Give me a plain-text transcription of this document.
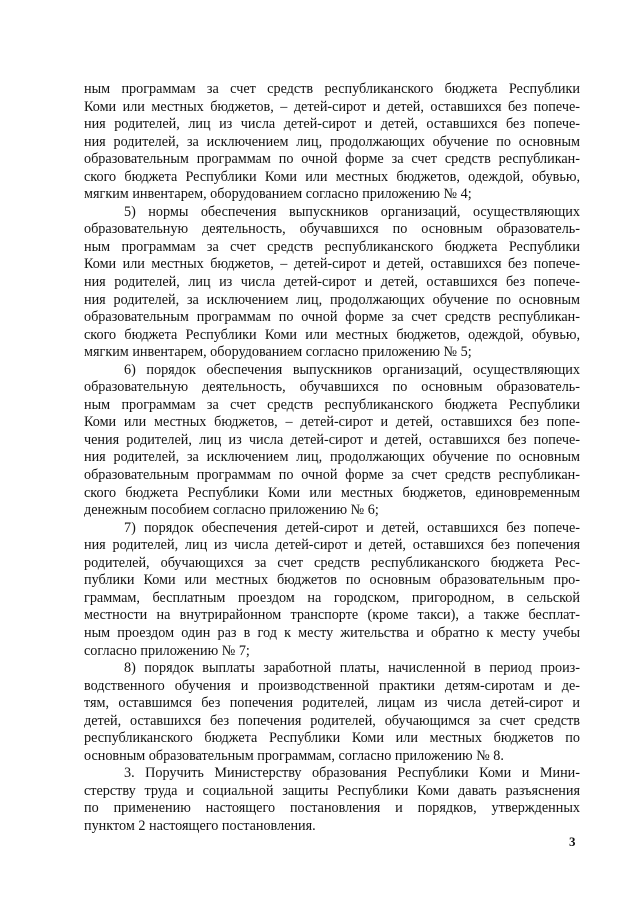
ным программам за счет средств республиканского бюджета Республики
Коми или местных бюджетов, – детей-сирот и детей, оставшихся без попече-
ния родителей, лиц из числа детей-сирот и детей, оставшихся без попече-
ния родителей, за исключением лиц, продолжающих обучение по основным
образовательным программам по очной форме за счет средств республикан-
ского бюджета Республики Коми или местных бюджетов, одеждой, обувью,
мягким инвентарем, оборудованием согласно приложению № 4;
5) нормы обеспечения выпускников организаций, осуществляющих
образовательную деятельность, обучавшихся по основным образователь-
ным программам за счет средств республиканского бюджета Республики
Коми или местных бюджетов, – детей-сирот и детей, оставшихся без попече-
ния родителей, лиц из числа детей-сирот и детей, оставшихся без попече-
ния родителей, за исключением лиц, продолжающих обучение по основным
образовательным программам по очной форме за счет средств республикан-
ского бюджета Республики Коми или местных бюджетов, одеждой, обувью,
мягким инвентарем, оборудованием согласно приложению № 5;
6) порядок обеспечения выпускников организаций, осуществляющих
образовательную деятельность, обучавшихся по основным образователь-
ным программам за счет средств республиканского бюджета Республики
Коми или местных бюджетов, – детей-сирот и детей, оставшихся без попе-
чения родителей, лиц из числа детей-сирот и детей, оставшихся без попече-
ния родителей, за исключением лиц, продолжающих обучение по основным
образовательным программам по очной форме за счет средств республикан-
ского бюджета Республики Коми или местных бюджетов, единовременным
денежным пособием согласно приложению № 6;
7) порядок обеспечения детей-сирот и детей, оставшихся без попече-
ния родителей, лиц из числа детей-сирот и детей, оставшихся без попечения
родителей, обучающихся за счет средств республиканского бюджета Рес-
публики Коми или местных бюджетов по основным образовательным про-
граммам, бесплатным проездом на городском, пригородном, в сельской
местности на внутрирайонном транспорте (кроме такси), а также бесплат-
ным проездом один раз в год к месту жительства и обратно к месту учебы
согласно приложению № 7;
8) порядок выплаты заработной платы, начисленной в период произ-
водственного обучения и производственной практики детям-сиротам и де-
тям, оставшимся без попечения родителей, лицам из числа детей-сирот и
детей, оставшихся без попечения родителей, обучающимся за счет средств
республиканского бюджета Республики Коми или местных бюджетов по
основным образовательным программам, согласно приложению № 8.
3. Поручить Министерству образования Республики Коми и Мини-
стерству труда и социальной защиты Республики Коми давать разъяснения
по применению настоящего постановления и порядков, утвержденных
пунктом 2 настоящего постановления.
3
